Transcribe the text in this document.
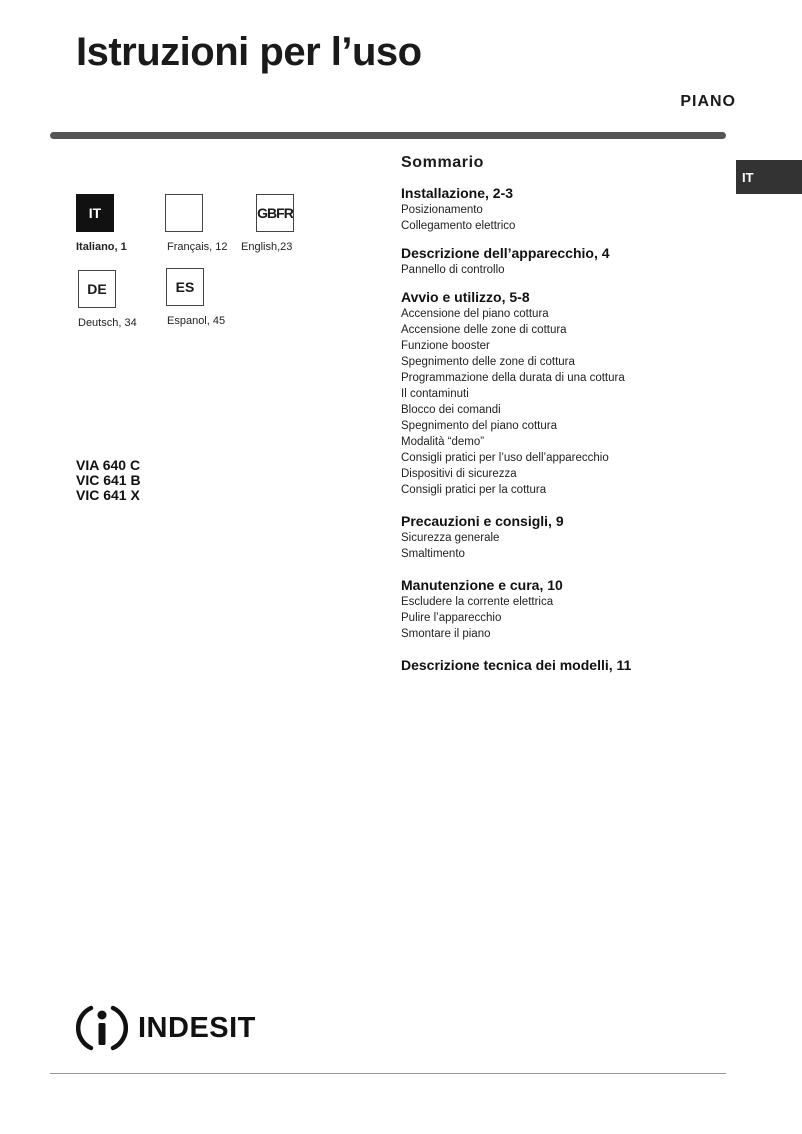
Istruzioni per l’uso
PIANO
IT
IT	GBFR
Italiano, 1	Français, 12 English,23
DE	ES
Deutsch, 34	Espanol, 45
VIA 640 C
VIC 641 B
VIC 641 X
Sommario
Installazione, 2-3
Posizionamento
Collegamento elettrico
Descrizione dell’apparecchio, 4
Pannello di controllo
Avvio e utilizzo, 5-8
Accensione del piano cottura
Accensione delle zone di cottura
Funzione booster
Spegnimento delle zone di cottura
Programmazione della durata di una cottura
Il contaminuti
Blocco dei comandi
Spegnimento del piano cottura
Modalità “demo”
Consigli pratici per l’uso dell’apparecchio
Dispositivi di sicurezza
Consigli pratici per la cottura
Precauzioni e consigli, 9
Sicurezza generale
Smaltimento
Manutenzione e cura, 10
Escludere la corrente elettrica
Pulire l’apparecchio
Smontare il piano
Descrizione tecnica dei modelli, 11
INDESIT
